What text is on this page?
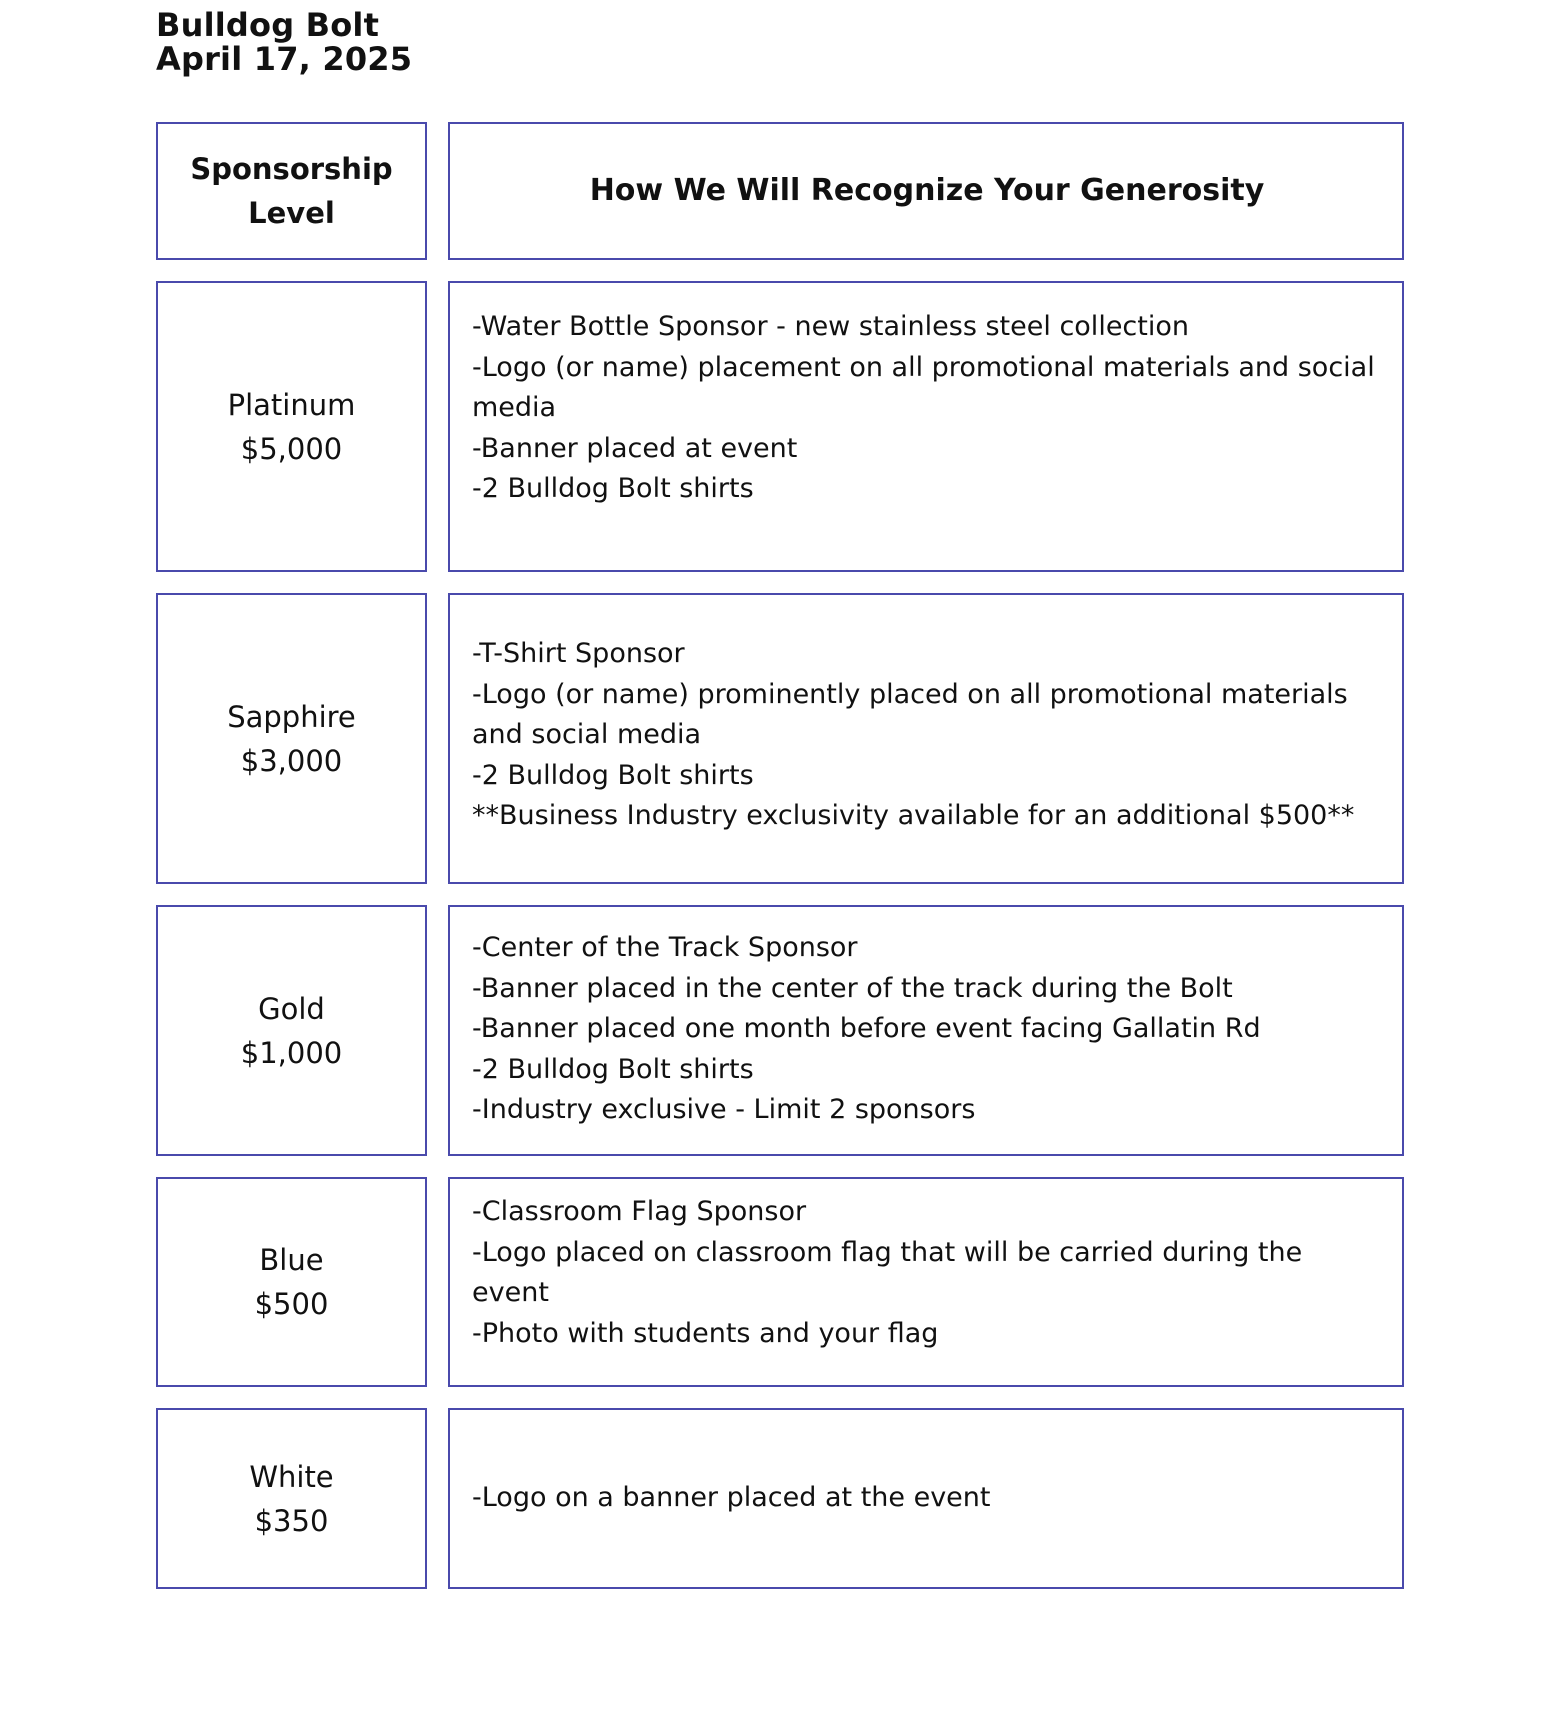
Bulldog Bolt
April 17, 2025
Sponsorship Level
How We Will Recognize Your Generosity
Platinum
$5,000
-Water Bottle Sponsor - new stainless steel collection
-Logo (or name) placement on all promotional materials and social media
-Banner placed at event
-2 Bulldog Bolt shirts
Sapphire
$3,000
-T-Shirt Sponsor
-Logo (or name) prominently placed on all promotional materials and social media
-2 Bulldog Bolt shirts
**Business Industry exclusivity available for an additional $500**
Gold
$1,000
-Center of the Track Sponsor
-Banner placed in the center of the track during the Bolt
-Banner placed one month before event facing Gallatin Rd
-2 Bulldog Bolt shirts
-Industry exclusive - Limit 2 sponsors
Blue
$500
-Classroom Flag Sponsor
-Logo placed on classroom flag that will be carried during the event
-Photo with students and your flag
White
$350
-Logo on a banner placed at the event
